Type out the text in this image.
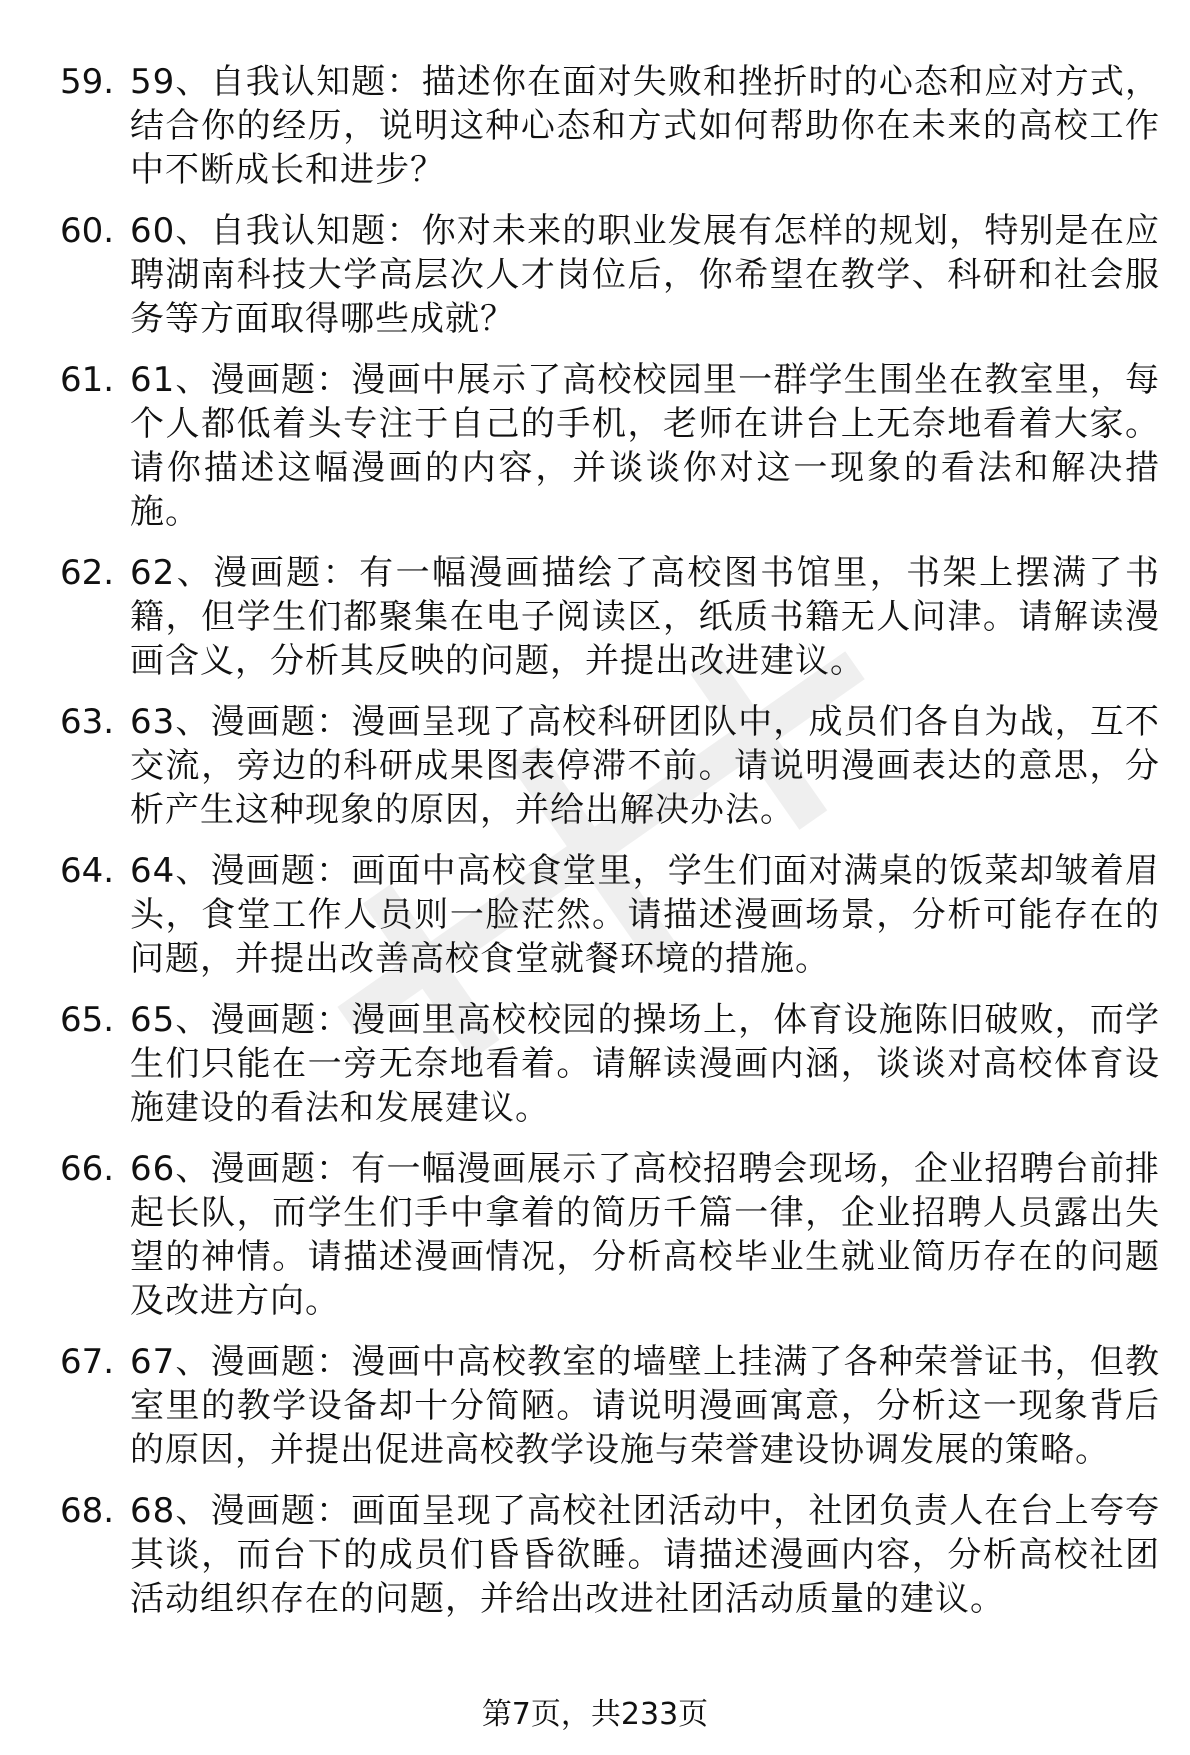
59. 59、自我认知题：描述你在面对失败和挫折时的心态和应对方式，结合你的经历，说明这种心态和方式如何帮助你在未来的高校工作中不断成长和进步？
60. 60、自我认知题：你对未来的职业发展有怎样的规划，特别是在应聘湖南科技大学高层次人才岗位后，你希望在教学、科研和社会服务等方面取得哪些成就？
61. 61、漫画题：漫画中展示了高校校园里一群学生围坐在教室里，每个人都低着头专注于自己的手机，老师在讲台上无奈地看着大家。请你描述这幅漫画的内容，并谈谈你对这一现象的看法和解决措施。
62. 62、漫画题：有一幅漫画描绘了高校图书馆里，书架上摆满了书籍，但学生们都聚集在电子阅读区，纸质书籍无人问津。请解读漫画含义，分析其反映的问题，并提出改进建议。
63. 63、漫画题：漫画呈现了高校科研团队中，成员们各自为战，互不交流，旁边的科研成果图表停滞不前。请说明漫画表达的意思，分析产生这种现象的原因，并给出解决办法。
64. 64、漫画题：画面中高校食堂里，学生们面对满桌的饭菜却皱着眉头，食堂工作人员则一脸茫然。请描述漫画场景，分析可能存在的问题，并提出改善高校食堂就餐环境的措施。
65. 65、漫画题：漫画里高校校园的操场上，体育设施陈旧破败，而学生们只能在一旁无奈地看着。请解读漫画内涵，谈谈对高校体育设施建设的看法和发展建议。
66. 66、漫画题：有一幅漫画展示了高校招聘会现场，企业招聘台前排起长队，而学生们手中拿着的简历千篇一律，企业招聘人员露出失望的神情。请描述漫画情况，分析高校毕业生就业简历存在的问题及改进方向。
67. 67、漫画题：漫画中高校教室的墙壁上挂满了各种荣誉证书，但教室里的教学设备却十分简陋。请说明漫画寓意，分析这一现象背后的原因，并提出促进高校教学设施与荣誉建设协调发展的策略。
68. 68、漫画题：画面呈现了高校社团活动中，社团负责人在台上夸夸其谈，而台下的成员们昏昏欲睡。请描述漫画内容，分析高校社团活动组织存在的问题，并给出改进社团活动质量的建议。
第7页，共233页
